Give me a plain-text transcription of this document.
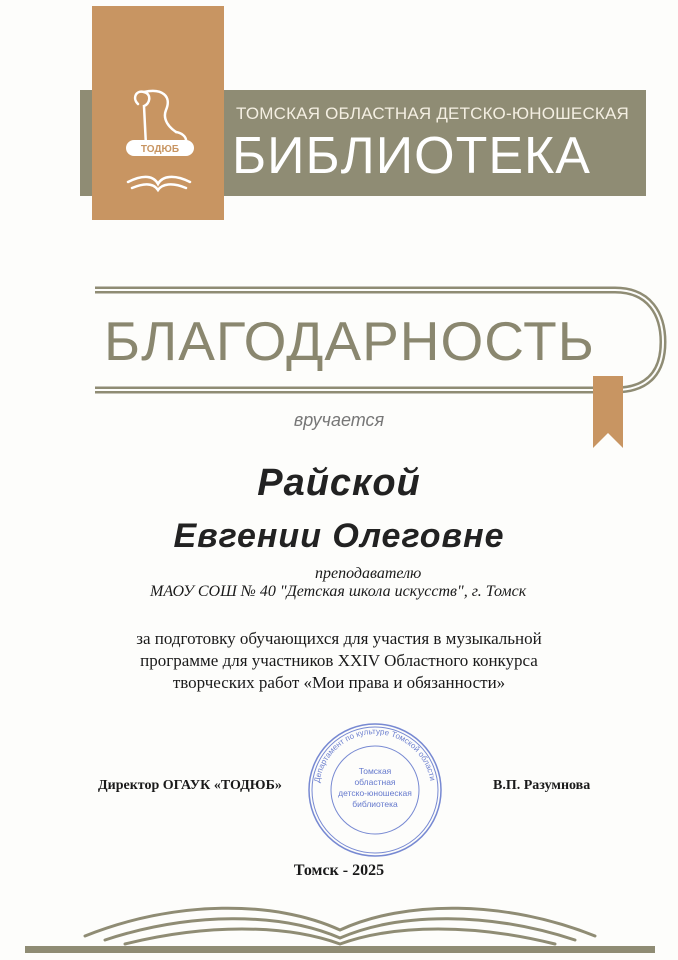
ТОДЮБ
ТОМСКАЯ ОБЛАСТНАЯ ДЕТСКО-ЮНОШЕСКАЯ
БИБЛИОТЕКА
БЛАГОДАРНОСТЬ
вручается
Райской
Евгении Олеговне
преподавателю
МАОУ СОШ № 40 "Детская школа искусств", г. Томск
за подготовку обучающихся для участия в музыкальной
программе для участников XXIV Областного конкурса
творческих работ «Мои права и обязанности»
Директор ОГАУК «ТОДЮБ»	В.П. Разумнова
Департамент по культуре Томской области
Томская
областная
детско-юношеская
библиотека
Томск - 2025
